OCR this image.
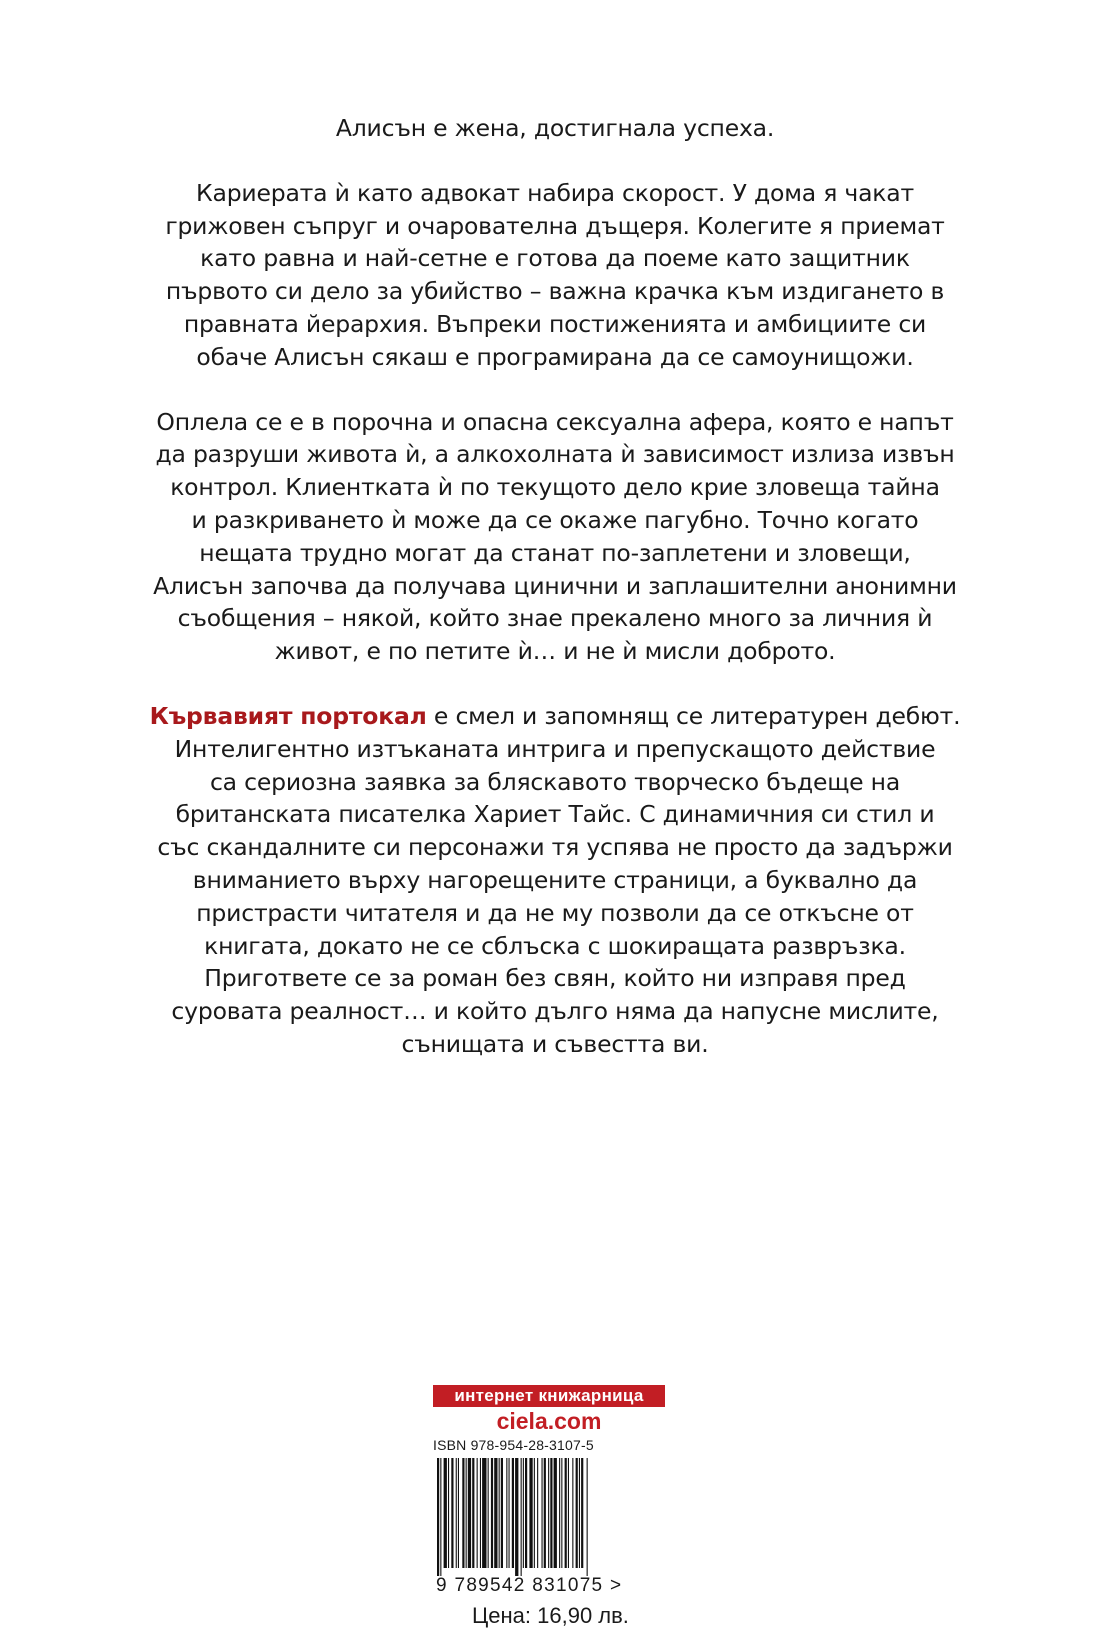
Алисън е жена, достигнала успеха.

Кариерата ѝ като адвокат набира скорост. У дома я чакат
грижовен съпруг и очарователна дъщеря. Колегите я приемат
като равна и най-сетне е готова да поеме като защитник
първото си дело за убийство – важна крачка към издигането в
правната йерархия. Въпреки постиженията и амбициите си
обаче Алисън сякаш е програмирана да се самоунищожи.

Оплела се е в порочна и опасна сексуална афера, която е напът
да разруши живота ѝ, а алкохолната ѝ зависимост излиза извън
контрол. Клиентката ѝ по текущото дело крие зловеща тайна
и разкриването ѝ може да се окаже пагубно. Точно когато
нещата трудно могат да станат по-заплетени и зловещи,
Алисън започва да получава цинични и заплашителни анонимни
съобщения – някой, който знае прекалено много за личния ѝ
живот, е по петите ѝ… и не ѝ мисли доброто.

Кървавият портокал е смел и запомнящ се литературен дебют.
Интелигентно изтъканата интрига и препускащото действие
са сериозна заявка за бляскавото творческо бъдеще на
британската писателка Хариет Тайс. С динамичния си стил и
със скандалните си персонажи тя успява не просто да задържи
вниманието върху нагорещените страници, а буквално да
пристрасти читателя и да не му позволи да се откъсне от
книгата, докато не се сблъска с шокиращата развръзка.
Пригответе се за роман без свян, който ни изправя пред
суровата реалност… и който дълго няма да напусне мислите,
сънищата и съвестта ви.

интернет книжарница
ciela.com
ISBN 978-954-28-3107-5
9 789542 831075 >
Цена: 16,90 лв.
